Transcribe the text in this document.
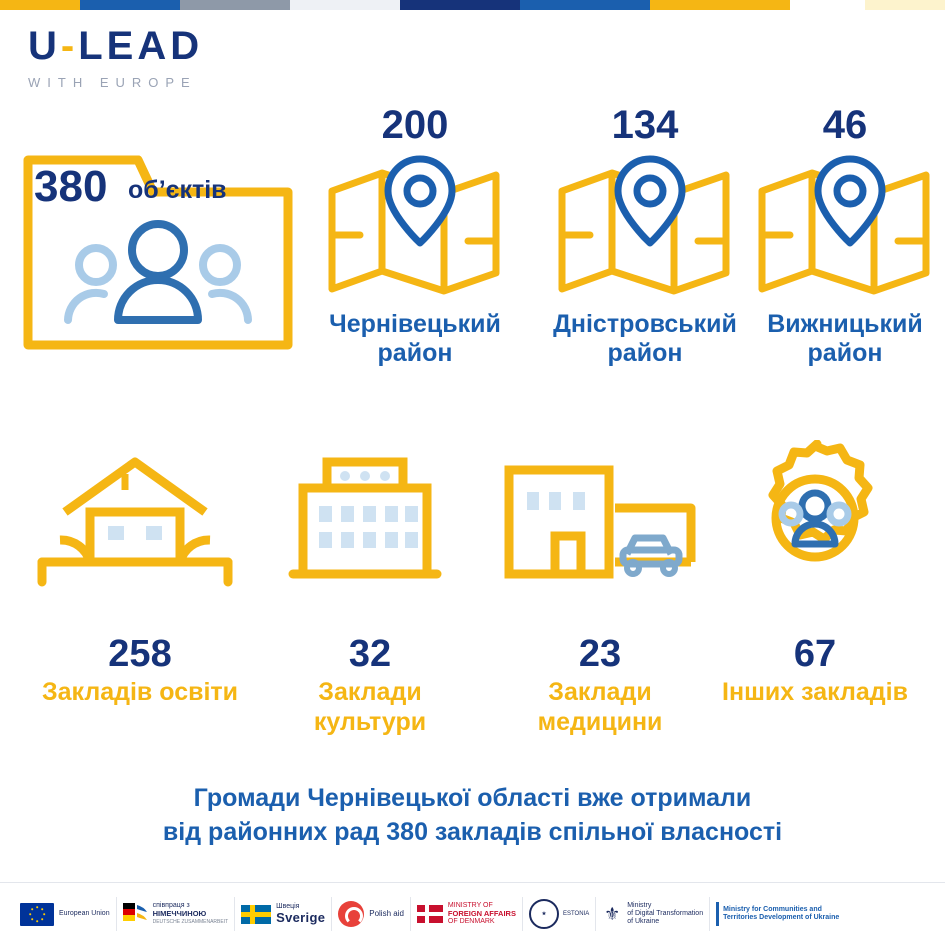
U-LEAD
WITH EUROPE
380 об’єктів
200
Чернівецький район
134
Дністровський район
46
Вижницький район
258
Закладів освіти
32
Заклади культури
23
Заклади медицини
67
Інших закладів
Громади Чернівецької області вже отримали
від районних рад 380 закладів спільної власності
European Union
співпраця з
НІМЕЧЧИНОЮ
DEUTSCHE ZUSAMMENARBEIT
Швеція
Sverige	Polish aid
MINISTRY OF
FOREIGN AFFAIRS
OF DENMARK
★	ESTONIA ⚜ Ministry
of Digital Transformation
of Ukraine
Ministry for Communities and
Territories Development of Ukraine
